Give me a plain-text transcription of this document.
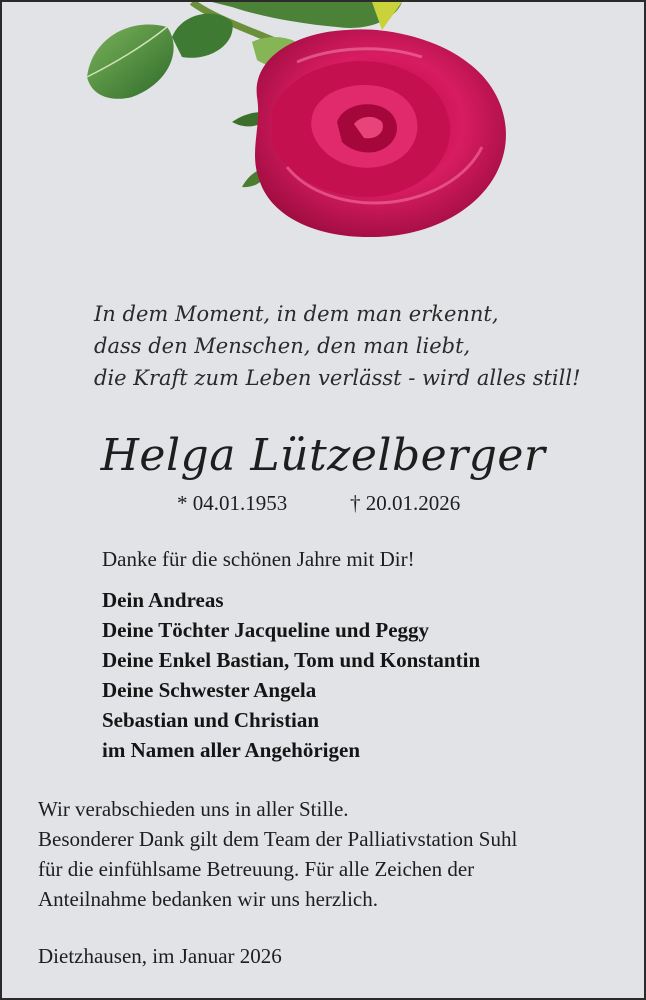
In dem Moment, in dem man erkennt,
dass den Menschen, den man liebt,
die Kraft zum Leben verlässt - wird alles still!
Helga Lützelberger
* 04.01.1953	† 20.01.2026
Danke für die schönen Jahre mit Dir!
Dein Andreas
Deine Töchter Jacqueline und Peggy
Deine Enkel Bastian, Tom und Konstantin
Deine Schwester Angela
Sebastian und Christian
im Namen aller Angehörigen
Wir verabschieden uns in aller Stille.
Besonderer Dank gilt dem Team der Palliativstation Suhl
für die einfühlsame Betreuung. Für alle Zeichen der
Anteilnahme bedanken wir uns herzlich.
Dietzhausen, im Januar 2026
